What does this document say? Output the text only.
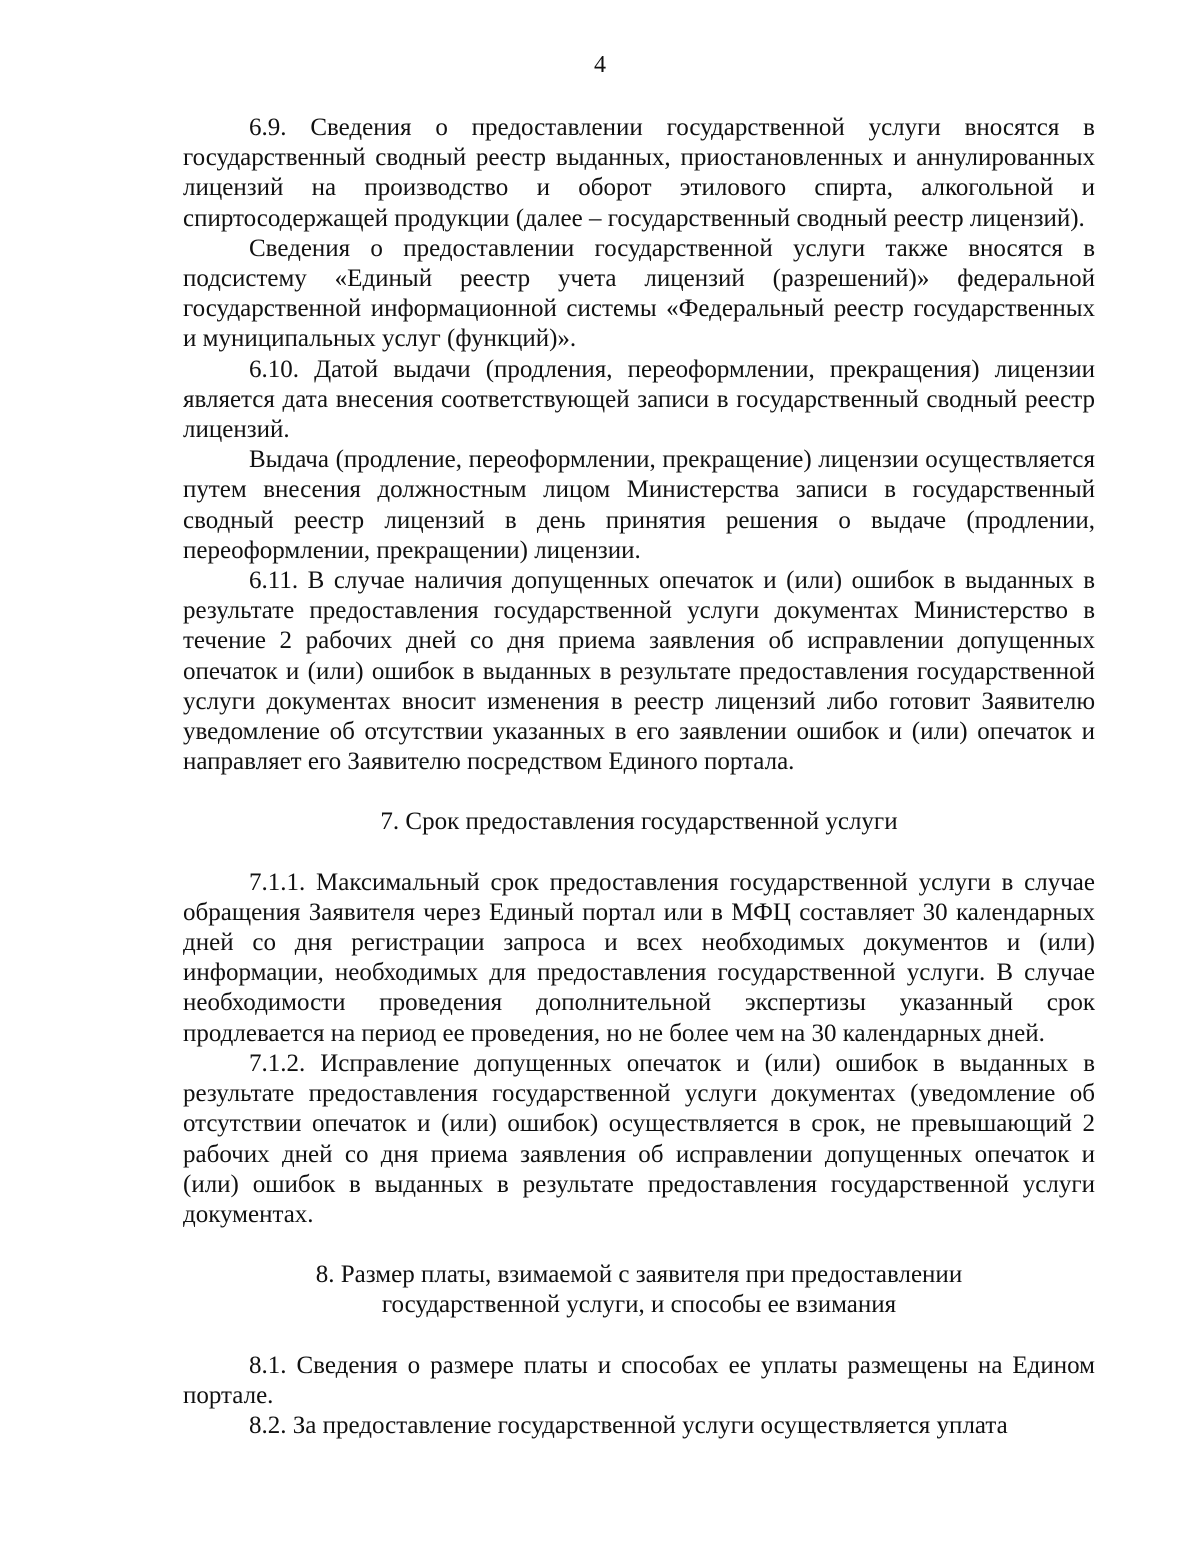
4

6.9. Сведения о предоставлении государственной услуги вносятся в государственный сводный реестр выданных, приостановленных и аннулированных лицензий на производство и оборот этилового спирта, алкогольной и спиртосодержащей продукции (далее – государственный сводный реестр лицензий).

Сведения о предоставлении государственной услуги также вносятся в подсистему «Единый реестр учета лицензий (разрешений)» федеральной государственной информационной системы «Федеральный реестр государственных и муниципальных услуг (функций)».

6.10. Датой выдачи (продления, переоформлении, прекращения) лицензии является дата внесения соответствующей записи в государственный сводный реестр лицензий.

Выдача (продление, переоформлении, прекращение) лицензии осуществляется путем внесения должностным лицом Министерства записи в государственный сводный реестр лицензий в день принятия решения о выдаче (продлении, переоформлении, прекращении) лицензии.

6.11. В случае наличия допущенных опечаток и (или) ошибок в выданных в результате предоставления государственной услуги документах Министерство в течение 2 рабочих дней со дня приема заявления об исправлении допущенных опечаток и (или) ошибок в выданных в результате предоставления государственной услуги документах вносит изменения в реестр лицензий либо готовит Заявителю уведомление об отсутствии указанных в его заявлении ошибок и (или) опечаток и направляет его Заявителю посредством Единого портала.

7. Срок предоставления государственной услуги

7.1.1. Максимальный срок предоставления государственной услуги в случае обращения Заявителя через Единый портал или в МФЦ составляет 30 календарных дней со дня регистрации запроса и всех необходимых документов и (или) информации, необходимых для предоставления государственной услуги. В случае необходимости проведения дополнительной экспертизы указанный срок продлевается на период ее проведения, но не более чем на 30 календарных дней.

7.1.2. Исправление допущенных опечаток и (или) ошибок в выданных в результате предоставления государственной услуги документах (уведомление об отсутствии опечаток и (или) ошибок) осуществляется в срок, не превышающий 2 рабочих дней со дня приема заявления об исправлении допущенных опечаток и (или) ошибок в выданных в результате предоставления государственной услуги документах.

8. Размер платы, взимаемой с заявителя при предоставлении
государственной услуги, и способы ее взимания

8.1. Сведения о размере платы и способах ее уплаты размещены на Едином портале.

8.2. За предоставление государственной услуги осуществляется уплата
